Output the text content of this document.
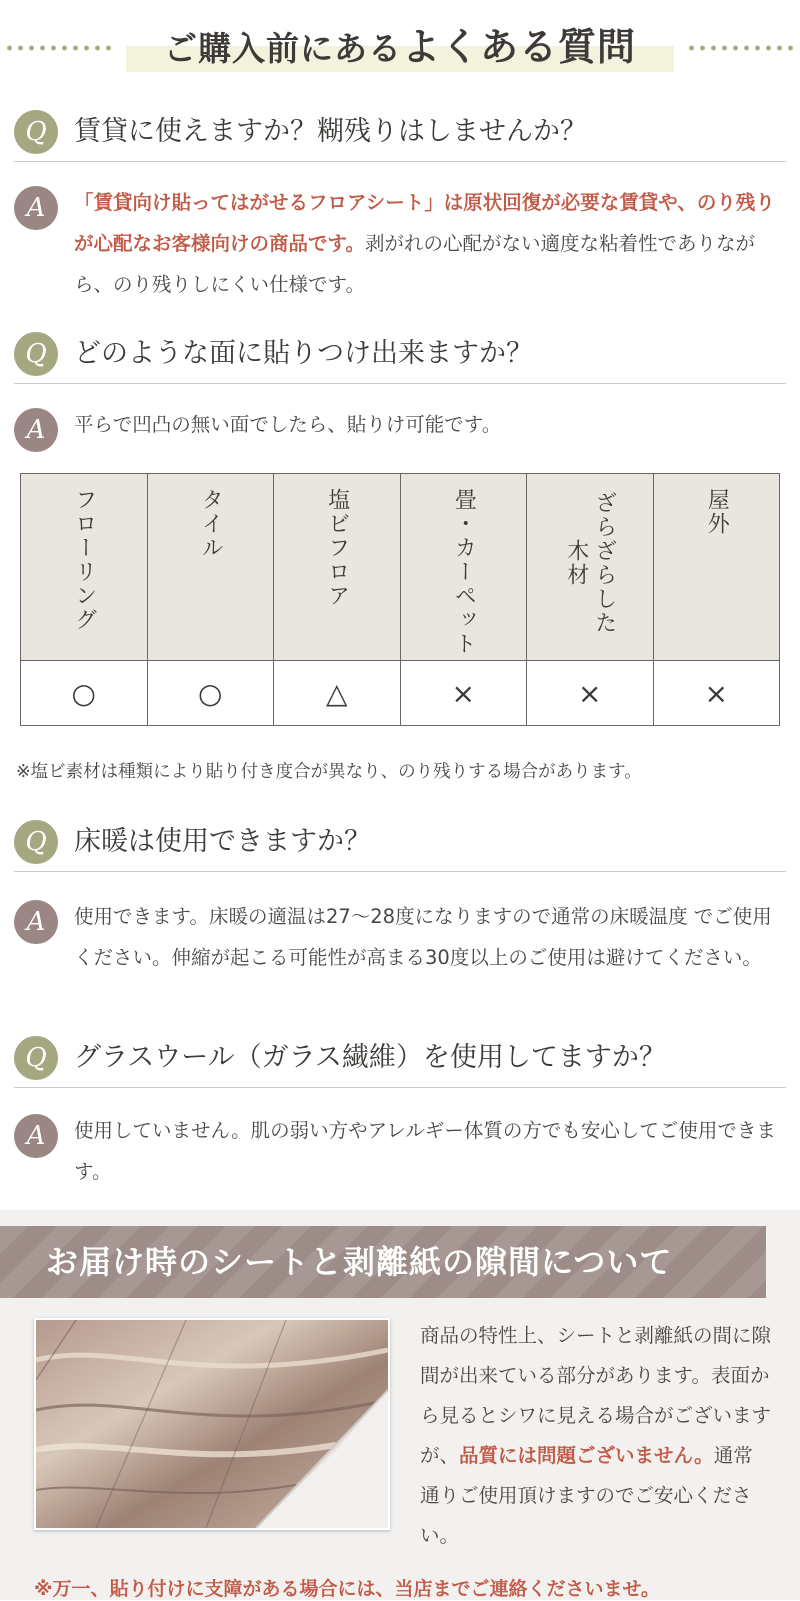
ご購入前にあるよくある質問
Q	賃貸に使えますか？糊残りはしませんか？
A	「賃貸向け貼ってはがせるフロアシート」は原状回復が必要な賃貸や、のり残りが心配なお客様向けの商品です。剥がれの心配がない適度な粘着性でありながら、のり残りしにくい仕様です。
Q	どのような面に貼りつけ出来ますか？
A	平らで凹凸の無い面でしたら、貼りけ可能です。
フローリング	タイル	塩ビフロア	畳・カーペット	ざらざらした 木材	屋外

○	○	△	×	×	×
※塩ビ素材は種類により貼り付き度合が異なり、のり残りする場合があります。
Q	床暖は使用できますか？
A	使用できます。床暖の適温は27～28度になりますので通常の床暖温度 でご使用ください。伸縮が起こる可能性が高まる30度以上のご使用は避けてください。
Q	グラスウール（ガラス繊維）を使用してますか？
A	使用していません。肌の弱い方やアレルギー体質の方でも安心してご使用できます。
お届け時のシートと剥離紙の隙間について
商品の特性上、シートと剥離紙の間に隙間が出来ている部分があります。表面から見るとシワに見える場合がございますが、品質には問題ございません。通常通りご使用頂けますのでご安心ください。
※万一、貼り付けに支障がある場合には、当店までご連絡くださいませ。
